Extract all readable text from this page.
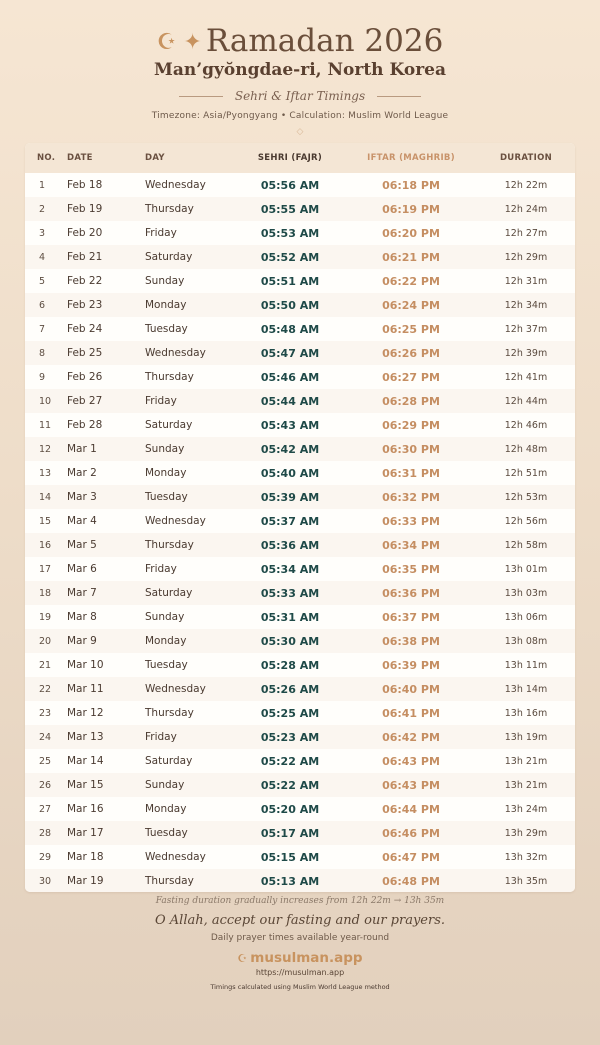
☪ ✦ Ramadan 2026
Man’gyŏngdae-ri, North Korea
Sehri & Iftar Timings
Timezone: Asia/Pyongyang • Calculation: Muslim World League
◇
NO.	DATE	DAY	SEHRI (FAJR)	IFTAR (MAGHRIB)	DURATION
1	Feb 18	Wednesday	05:56 AM	06:18 PM	12h 22m
2	Feb 19	Thursday	05:55 AM	06:19 PM	12h 24m
3	Feb 20	Friday	05:53 AM	06:20 PM	12h 27m
4	Feb 21	Saturday	05:52 AM	06:21 PM	12h 29m
5	Feb 22	Sunday	05:51 AM	06:22 PM	12h 31m
6	Feb 23	Monday	05:50 AM	06:24 PM	12h 34m
7	Feb 24	Tuesday	05:48 AM	06:25 PM	12h 37m
8	Feb 25	Wednesday	05:47 AM	06:26 PM	12h 39m
9	Feb 26	Thursday	05:46 AM	06:27 PM	12h 41m
10	Feb 27	Friday	05:44 AM	06:28 PM	12h 44m
11	Feb 28	Saturday	05:43 AM	06:29 PM	12h 46m
12	Mar 1	Sunday	05:42 AM	06:30 PM	12h 48m
13	Mar 2	Monday	05:40 AM	06:31 PM	12h 51m
14	Mar 3	Tuesday	05:39 AM	06:32 PM	12h 53m
15	Mar 4	Wednesday	05:37 AM	06:33 PM	12h 56m
16	Mar 5	Thursday	05:36 AM	06:34 PM	12h 58m
17	Mar 6	Friday	05:34 AM	06:35 PM	13h 01m
18	Mar 7	Saturday	05:33 AM	06:36 PM	13h 03m
19	Mar 8	Sunday	05:31 AM	06:37 PM	13h 06m
20	Mar 9	Monday	05:30 AM	06:38 PM	13h 08m
21	Mar 10	Tuesday	05:28 AM	06:39 PM	13h 11m
22	Mar 11	Wednesday	05:26 AM	06:40 PM	13h 14m
23	Mar 12	Thursday	05:25 AM	06:41 PM	13h 16m
24	Mar 13	Friday	05:23 AM	06:42 PM	13h 19m
25	Mar 14	Saturday	05:22 AM	06:43 PM	13h 21m
26	Mar 15	Sunday	05:22 AM	06:43 PM	13h 21m
27	Mar 16	Monday	05:20 AM	06:44 PM	13h 24m
28	Mar 17	Tuesday	05:17 AM	06:46 PM	13h 29m
29	Mar 18	Wednesday	05:15 AM	06:47 PM	13h 32m
30	Mar 19	Thursday	05:13 AM	06:48 PM	13h 35m
Fasting duration gradually increases from 12h 22m → 13h 35m
O Allah, accept our fasting and our prayers.
Daily prayer times available year-round
☪ musulman.app
https://musulman.app
Timings calculated using Muslim World League method
